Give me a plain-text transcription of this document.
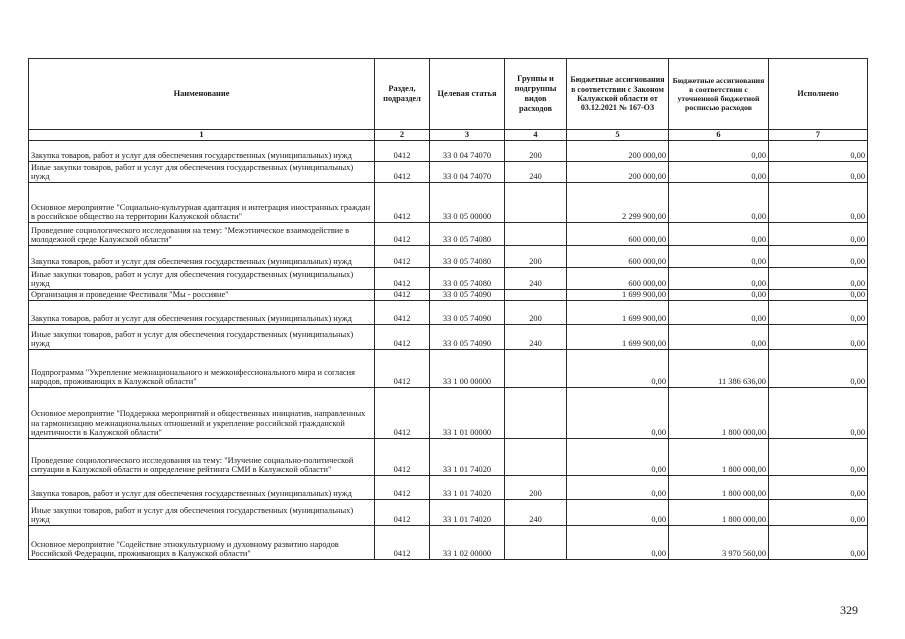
Наименование	Раздел, подраздел	Целевая статья	Группы и подгруппы видов расходов	Бюджетные ассигнования в соответствии с Законом Калужской области от 03.12.2021 № 167-ОЗ	Бюджетные ассигнования в соответствии с уточненной бюджетной росписью расходов	Исполнено
1	2	3	4	5	6	7
Закупка товаров, работ и услуг для обеспечения государственных (муниципальных) нужд	0412	33 0 04 74070	200	200 000,00	0,00	0,00
Иные закупки товаров, работ и услуг для обеспечения государственных (муниципальных) нужд	0412	33 0 04 74070	240	200 000,00	0,00	0,00
Основное мероприятие "Социально-культурная адаптация и интеграция иностранных граждан в российское общество на территории Калужской области"	0412	33 0 05 00000		2 299 900,00	0,00	0,00
Проведение социологического исследования на тему: "Межэтническое взаимодействие в молодежной среде Калужской области"	0412	33 0 05 74080		600 000,00	0,00	0,00
Закупка товаров, работ и услуг для обеспечения государственных (муниципальных) нужд	0412	33 0 05 74080	200	600 000,00	0,00	0,00
Иные закупки товаров, работ и услуг для обеспечения государственных (муниципальных) нужд	0412	33 0 05 74080	240	600 000,00	0,00	0,00
Организация и проведение Фестиваля "Мы - россияне"	0412	33 0 05 74090		1 699 900,00	0,00	0,00
Закупка товаров, работ и услуг для обеспечения государственных (муниципальных) нужд	0412	33 0 05 74090	200	1 699 900,00	0,00	0,00
Иные закупки товаров, работ и услуг для обеспечения государственных (муниципальных) нужд	0412	33 0 05 74090	240	1 699 900,00	0,00	0,00
Подпрограмма "Укрепление межнационального и межконфессионального мира и согласия народов, проживающих в Калужской области"	0412	33 1 00 00000		0,00	11 386 636,00	0,00
Основное мероприятие "Поддержка мероприятий и общественных инициатив, направленных на гармонизацию межнациональных отношений и укрепление российской гражданской идентичности в Калужской области"	0412	33 1 01 00000		0,00	1 800 000,00	0,00
Проведение социологического исследования на тему: "Изучение социально-политической ситуации в Калужской области и определение рейтинга СМИ в Калужской области"	0412	33 1 01 74020		0,00	1 800 000,00	0,00
Закупка товаров, работ и услуг для обеспечения государственных (муниципальных) нужд	0412	33 1 01 74020	200	0,00	1 800 000,00	0,00
Иные закупки товаров, работ и услуг для обеспечения государственных (муниципальных) нужд	0412	33 1 01 74020	240	0,00	1 800 000,00	0,00
Основное мероприятие "Содействие этнокультурному и духовному развитию народов Российской Федерации, проживающих в Калужской области"	0412	33 1 02 00000		0,00	3 970 560,00	0,00
329
